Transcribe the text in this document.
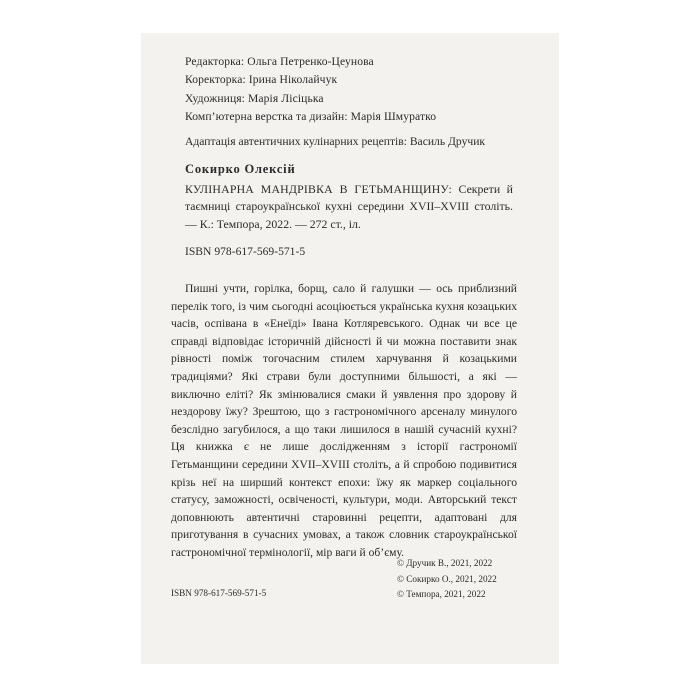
Редакторка: Ольга Петренко-Цеунова
Коректорка: Ірина Ніколайчук
Художниця: Марія Лісіцька
Комп’ютерна верстка та дизайн: Марія Шмуратко
Адаптація автентичних кулінарних рецептів: Василь Дручик
Сокирко Олексій
КУЛІНАРНА МАНДРІВКА В ГЕТЬМАНЩИНУ: Секрети й таємниці староукраїнської кухні середини XVII–XVIII століть. — К.: Темпора, 2022. — 272 ст., іл.
ISBN 978-617-569-571-5

Пишні учти, горілка, борщ, сало й галушки — ось приблизний перелік того, із чим сьогодні асоціюється українська кухня козацьких часів, оспівана в «Енеїді» Івана Котляревського. Однак чи все це справді відповідає історичній дійсності й чи можна поставити знак рівності поміж тогочасним стилем харчування й козацькими традиціями? Які страви були доступними більшості, а які — виключно еліті? Як змінювалися смаки й уявлення про здорову й нездорову їжу? Зрештою, що з гастрономічного арсеналу минулого безслідно загубилося, а що таки лишилося в нашій сучасній кухні? Ця книжка є не лише дослідженням з історії гастрономії Гетьманщини середини XVII–XVIII століть, а й спробою подивитися крізь неї на ширший контекст епохи: їжу як маркер соціального статусу, заможності, освіченості, культури, моди. Авторський текст доповнюють автентичні старовинні рецепти, адаптовані для приготування в сучасних умовах, а також словник староукраїнської гастрономічної термінології, мір ваги й об’єму.

© Дручик В., 2021, 2022
© Сокирко О., 2021, 2022
© Темпора, 2021, 2022
ISBN 978-617-569-571-5
